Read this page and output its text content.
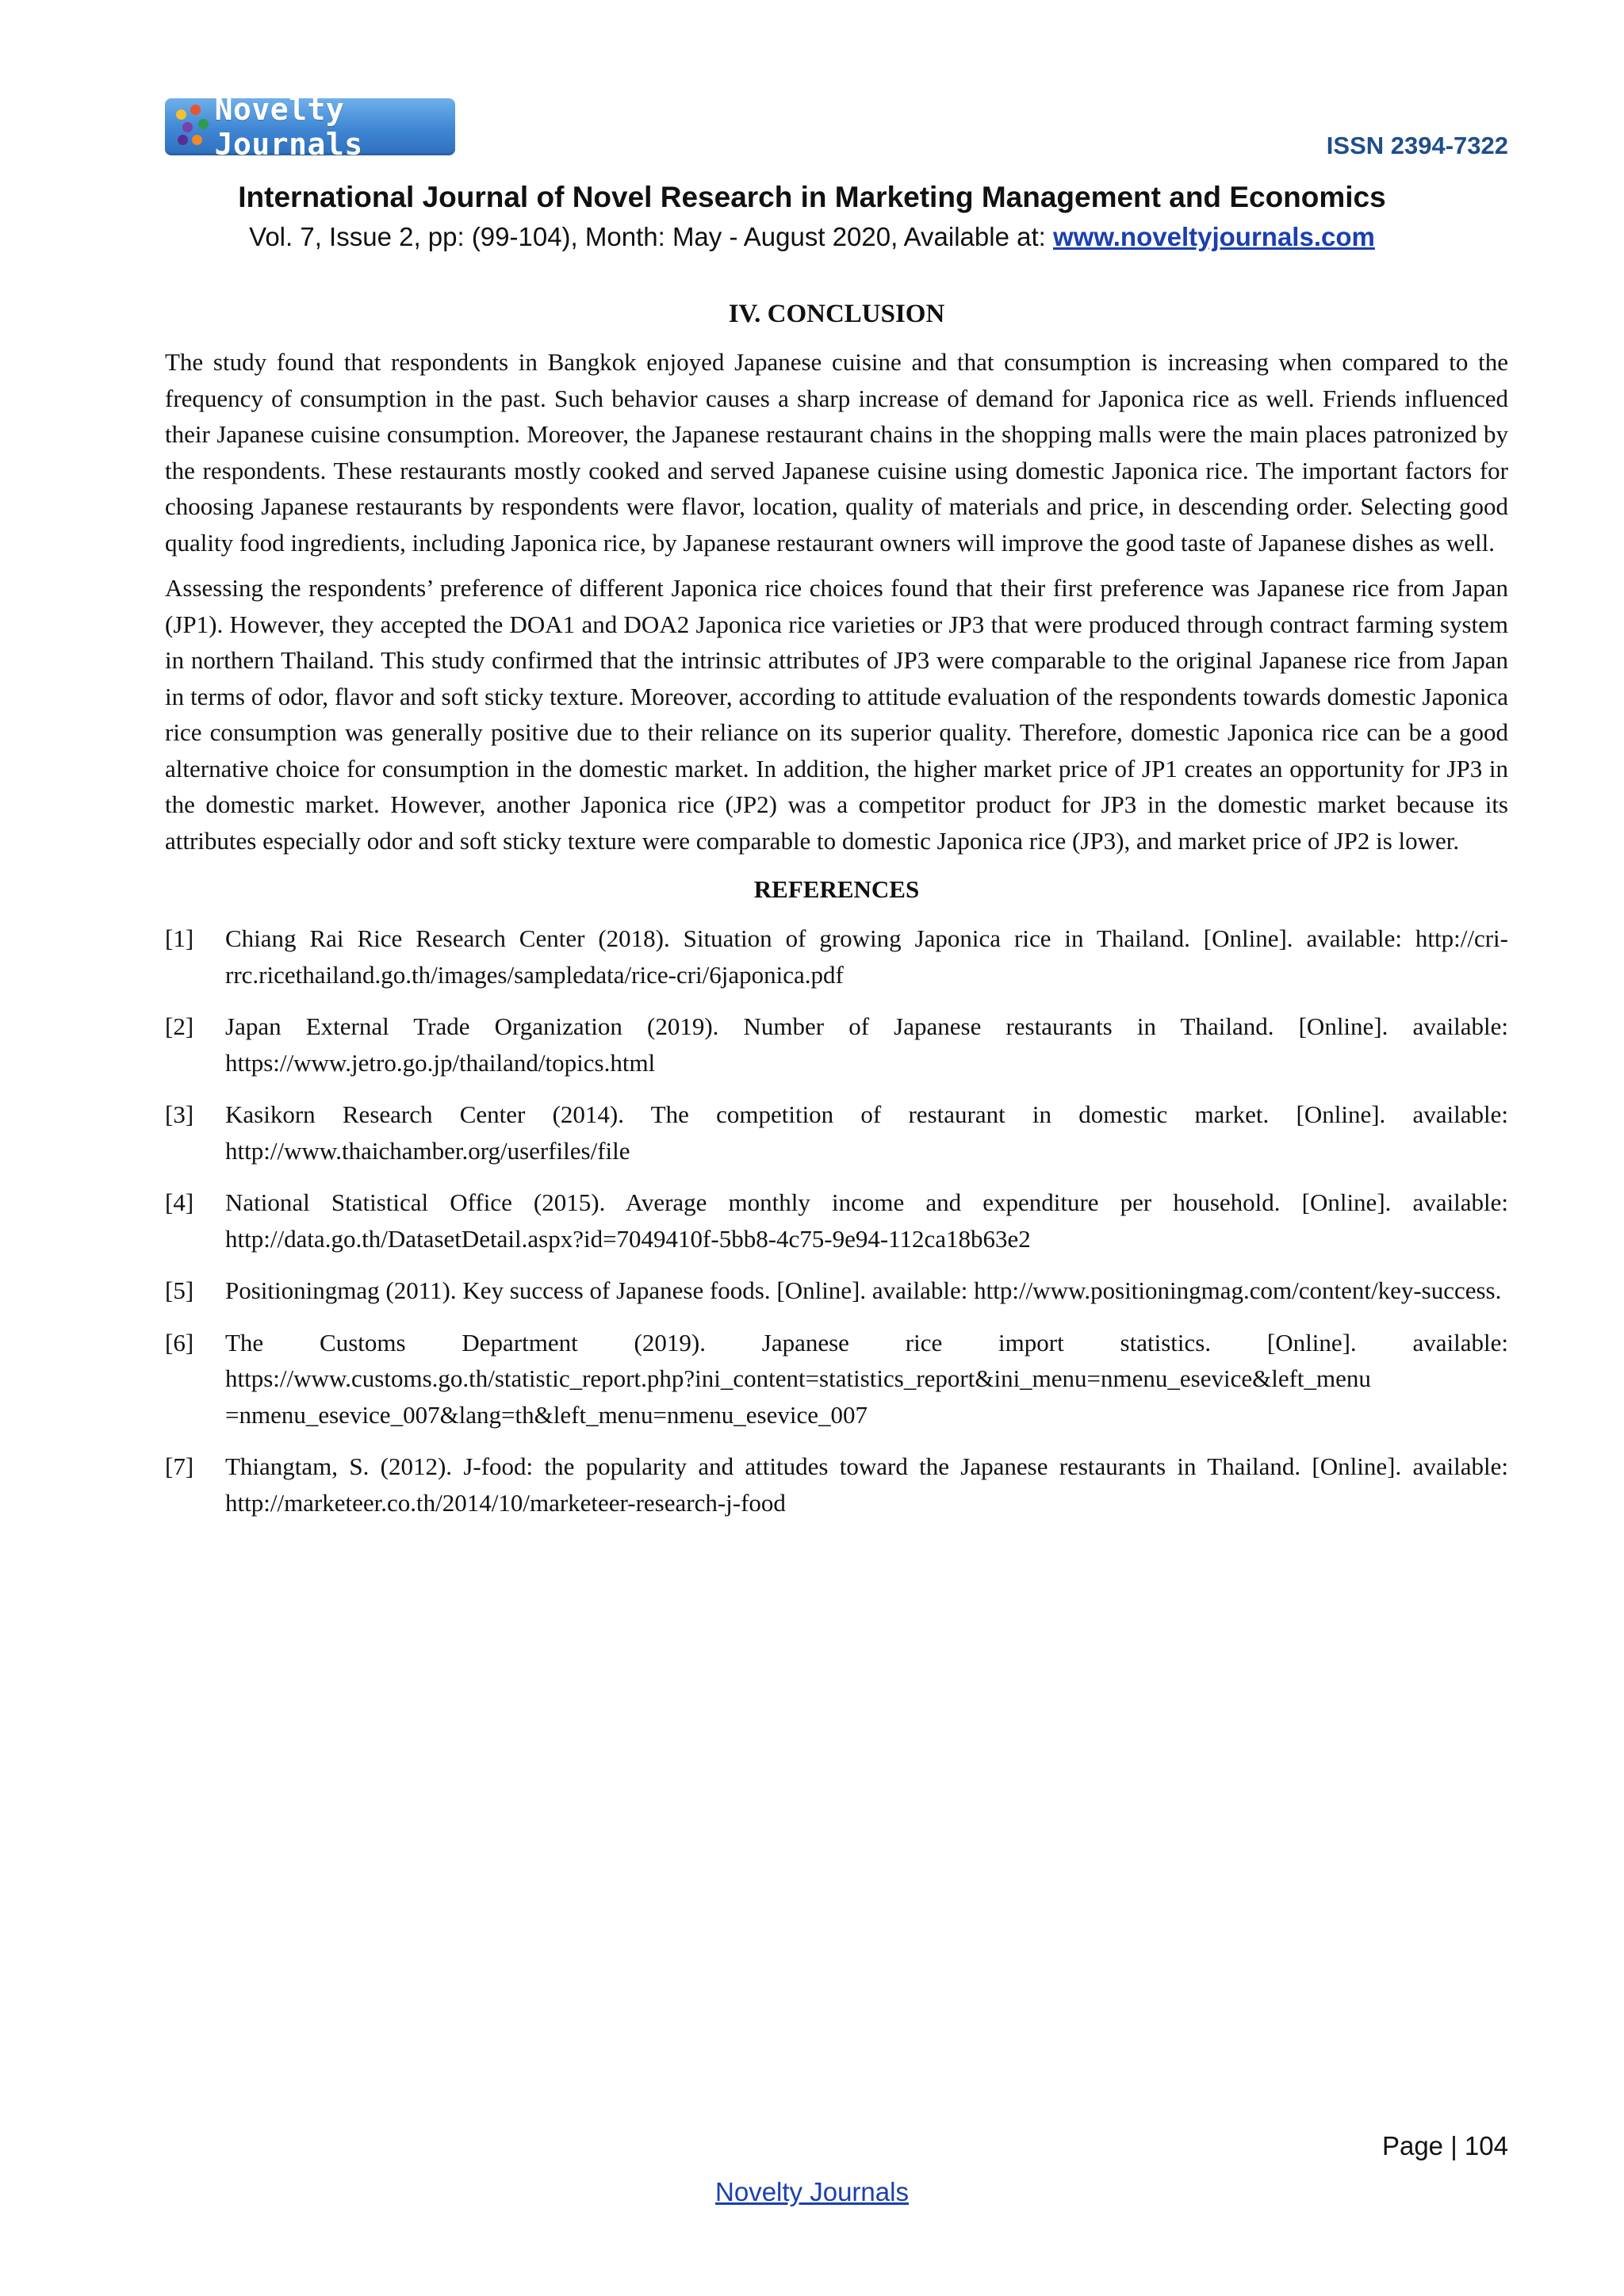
Novelty Journals	ISSN 2394-7322
International Journal of Novel Research in Marketing Management and Economics
Vol. 7, Issue 2, pp: (99-104), Month: May - August 2020, Available at: www.noveltyjournals.com
IV. CONCLUSION

The study found that respondents in Bangkok enjoyed Japanese cuisine and that consumption is increasing when compared to the frequency of consumption in the past. Such behavior causes a sharp increase of demand for Japonica rice as well. Friends influenced their Japanese cuisine consumption. Moreover, the Japanese restaurant chains in the shopping malls were the main places patronized by the respondents. These restaurants mostly cooked and served Japanese cuisine using domestic Japonica rice. The important factors for choosing Japanese restaurants by respondents were flavor, location, quality of materials and price, in descending order. Selecting good quality food ingredients, including Japonica rice, by Japanese restaurant owners will improve the good taste of Japanese dishes as well.

Assessing the respondents’ preference of different Japonica rice choices found that their first preference was Japanese rice from Japan (JP1). However, they accepted the DOA1 and DOA2 Japonica rice varieties or JP3 that were produced through contract farming system in northern Thailand. This study confirmed that the intrinsic attributes of JP3 were comparable to the original Japanese rice from Japan in terms of odor, flavor and soft sticky texture. Moreover, according to attitude evaluation of the respondents towards domestic Japonica rice consumption was generally positive due to their reliance on its superior quality. Therefore, domestic Japonica rice can be a good alternative choice for consumption in the domestic market. In addition, the higher market price of JP1 creates an opportunity for JP3 in the domestic market. However, another Japonica rice (JP2) was a competitor product for JP3 in the domestic market because its attributes especially odor and soft sticky texture were comparable to domestic Japonica rice (JP3), and market price of JP2 is lower.

REFERENCES
[1] Chiang Rai Rice Research Center (2018). Situation of growing Japonica rice in Thailand. [Online]. available: http://cri- rrc.ricethailand.go.th/images/sampledata/rice-cri/6japonica.pdf
[2] Japan External Trade Organization (2019). Number of Japanese restaurants in Thailand. [Online]. available: https://www.jetro.go.jp/thailand/topics.html
[3] Kasikorn Research Center (2014). The competition of restaurant in domestic market. [Online]. available: http://www.thaichamber.org/userfiles/file
[4] National Statistical Office (2015). Average monthly income and expenditure per household. [Online]. available: http://data.go.th/DatasetDetail.aspx?id=7049410f-5bb8-4c75-9e94-112ca18b63e2
[5] Positioningmag (2011). Key success of Japanese foods. [Online]. available: http://www.positioningmag.com/content/key-success.
[6] The Customs Department (2019). Japanese rice import statistics. [Online]. available: https://www.customs.go.th/statistic_report.php?ini_content=statistics_report&ini_menu=nmenu_esevice&left_menu =nmenu_esevice_007&lang=th&left_menu=nmenu_esevice_007
[7] Thiangtam, S. (2012). J-food: the popularity and attitudes toward the Japanese restaurants in Thailand. [Online]. available: http://marketeer.co.th/2014/10/marketeer-research-j-food
Page | 104
Novelty Journals
